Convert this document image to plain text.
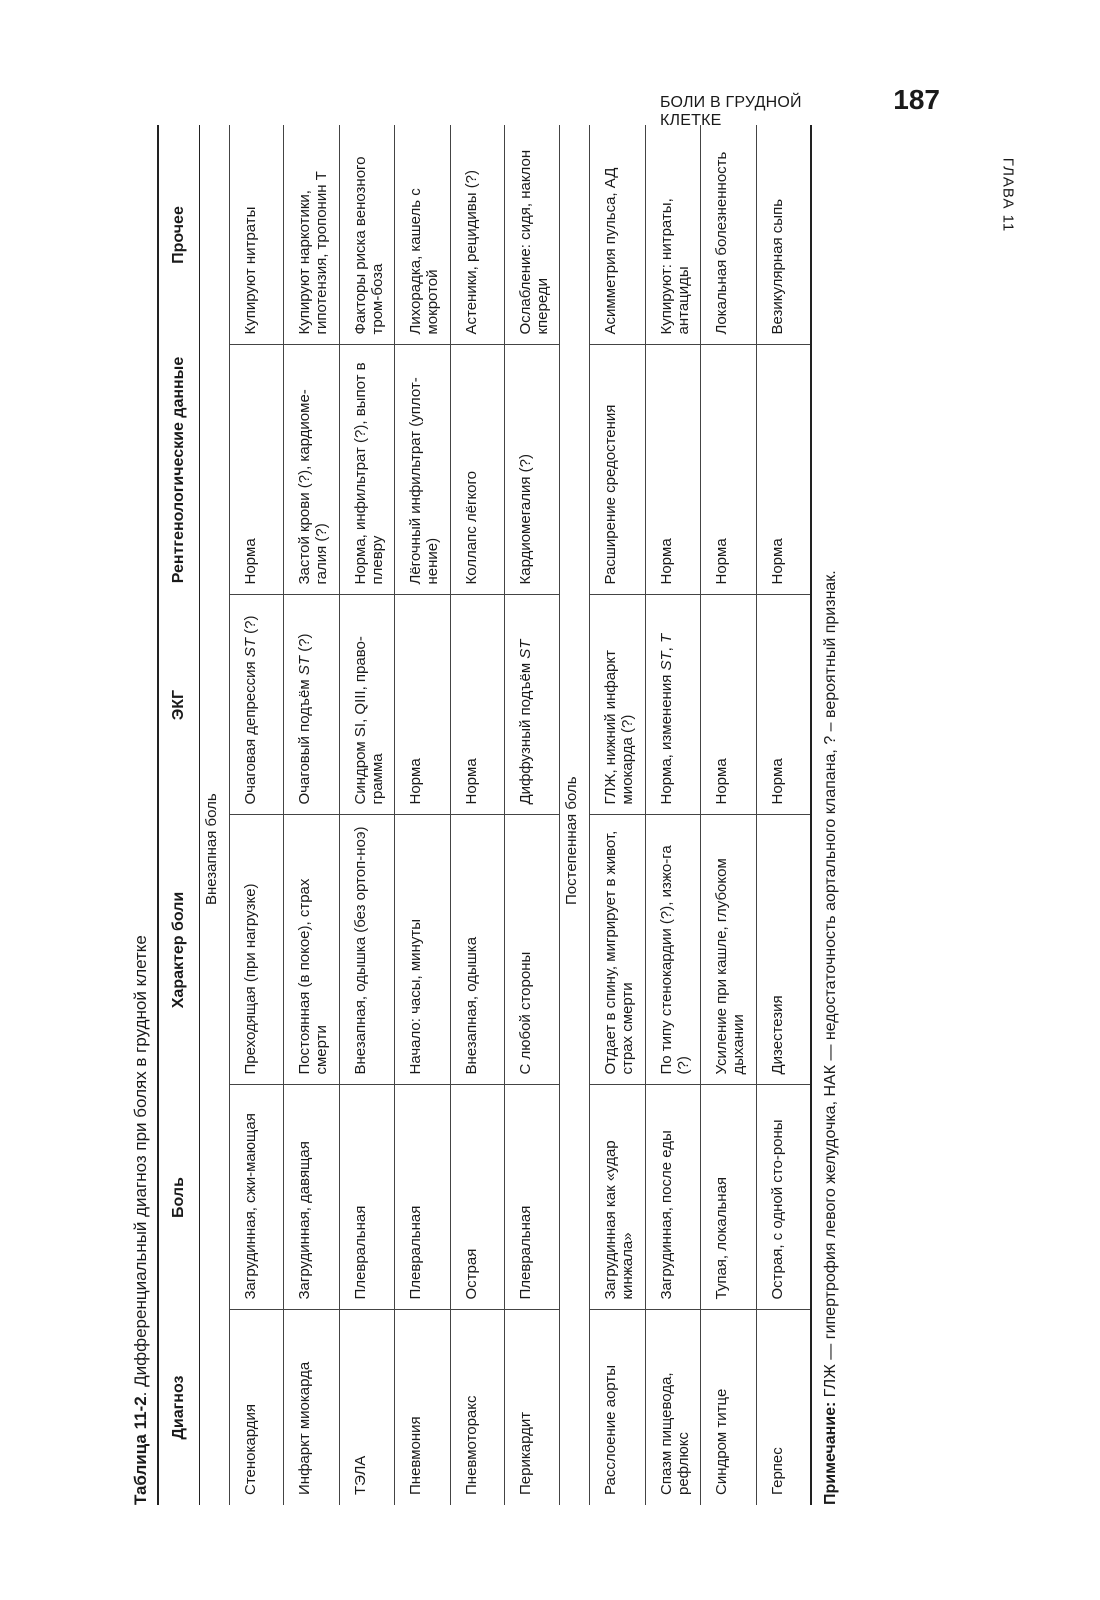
БОЛИ В ГРУДНОЙ КЛЕТКЕ
187
ГЛАВА 11
Таблица 11-2. Дифференциальный диагноз при болях в грудной клетке
Диагноз	Боль	Характер боли	ЭКГ	Рентгенологические данные	Прочее

Внезапная боль					

Стенокардия	Загрудинная, сжи-мающая	Преходящая (при нагрузке)	Очаговая депрессия ST (?)	Норма	Купируют нитраты
Инфаркт миокарда	Загрудинная, давящая	Постоянная (в покое), страх смерти	Очаговый подъём ST (?)	Застой крови (?), кардиоме-галия (?)	Купируют наркотики, гипотензия, тропонин Т
ТЭЛА	Плевральная	Внезапная, одышка (без ортоп-ноэ)	Синдром SI, QIII, право-грамма	Норма, инфильтрат (?), выпот в плевру	Факторы риска венозного тром-боза
Пневмония	Плевральная	Начало: часы, минуты	Норма	Лёгочный инфильтрат (уплот-нение)	Лихорадка, кашель с мокротой
Пневмоторакс	Острая	Внезапная, одышка	Норма	Коллапс лёгкого	Астеники, рецидивы (?)
Перикардит	Плевральная	С любой стороны	Диффузный подъём ST	Кардиомегалия (?)	Ослабление: сидя, наклон кпереди

Постепенная боль					

Расслоение аорты	Загрудинная как «удар кинжала»	Отдает в спину, мигрирует в живот, страх смерти	ГЛЖ, нижний инфаркт миокарда (?)	Расширение средостения	Асимметрия пульса, АД
Спазм пищевода, рефлюкс	Загрудинная, после еды	По типу стенокардии (?), изжо-га (?)	Норма, изменения ST, T	Норма	Купируют: нитраты, антациды
Синдром титце	Тупая, локальная	Усиление при кашле, глубоком дыхании	Норма	Норма	Локальная болезненность
Герпес	Острая, с одной сто-роны	Дизестезия	Норма	Норма	Везикулярная сыпь
Примечание: ГЛЖ — гипертрофия левого желудочка, НАК — недостаточность аортального клапана, ? – вероятный признак.
